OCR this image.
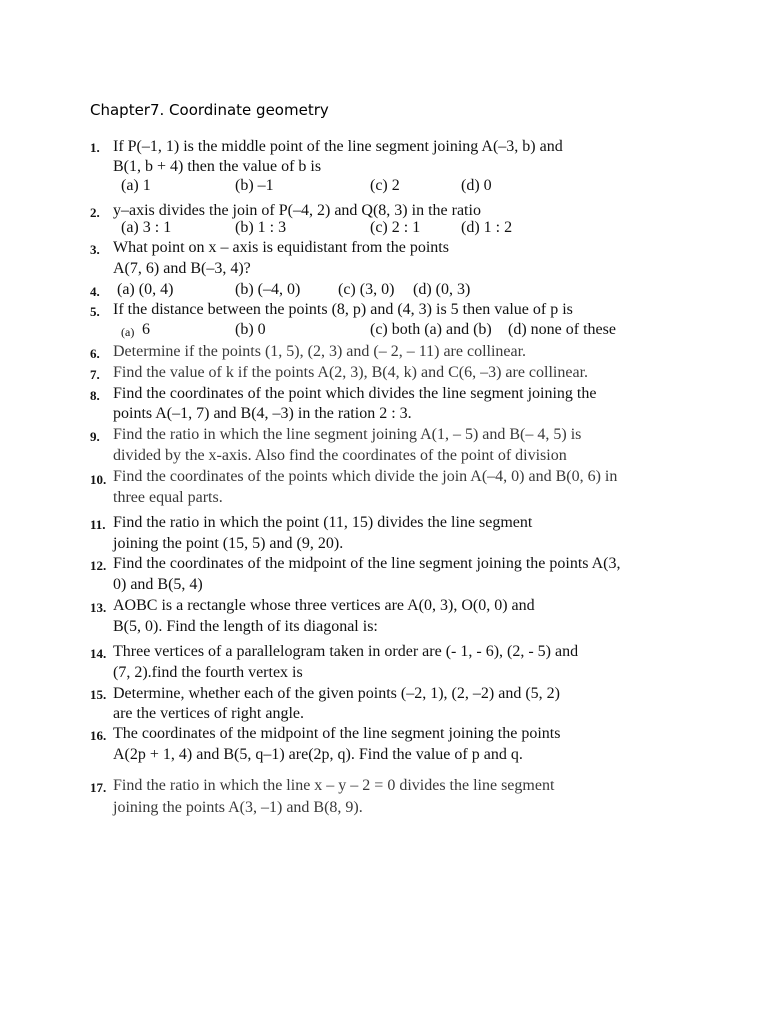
Chapter7. Coordinate geometry
1. If P(–1, 1) is the middle point of the line segment joining A(–3, b) and
B(1, b + 4) then the value of b is
(a) 1	(b) –1	(c) 2	(d) 0
2. y–axis divides the join of P(–4, 2) and Q(8, 3) in the ratio
(a) 3 : 1	(b) 1 : 3	(c) 2 : 1	(d) 1 : 2
3. What point on x – axis is equidistant from the points
A(7, 6) and B(–3, 4)?
4.	(a) (0, 4)	(b) (–4, 0) (c) (3, 0) (d) (0, 3)
5. If the distance between the points (8, p) and (4, 3) is 5 then value of p is
(a) 6	(b) 0	(c) both (a) and (b) (d) none of these
6. Determine if the points (1, 5), (2, 3) and (– 2, – 11) are collinear.
7. Find the value of k if the points A(2, 3), B(4, k) and C(6, –3) are collinear.
8. Find the coordinates of the point which divides the line segment joining the
points A(–1, 7) and B(4, –3) in the ration 2 : 3.
9. Find the ratio in which the line segment joining A(1, – 5) and B(– 4, 5) is
divided by the x-axis. Also find the coordinates of the point of division
10. Find the coordinates of the points which divide the join A(–4, 0) and B(0, 6) in
three equal parts.
11. Find the ratio in which the point (11, 15) divides the line segment
joining the point (15, 5) and (9, 20).
12. Find the coordinates of the midpoint of the line segment joining the points A(3,
0) and B(5, 4)
13. AOBC is a rectangle whose three vertices are A(0, 3), O(0, 0) and
B(5, 0). Find the length of its diagonal is:
14. Three vertices of a parallelogram taken in order are (- 1, - 6), (2, - 5) and
(7, 2).find the fourth vertex is
15. Determine, whether each of the given points (–2, 1), (2, –2) and (5, 2)
are the vertices of right angle.
16. The coordinates of the midpoint of the line segment joining the points
A(2p + 1, 4) and B(5, q–1) are(2p, q). Find the value of p and q.
17. Find the ratio in which the line x – y – 2 = 0 divides the line segment
joining the points A(3, –1) and B(8, 9).
